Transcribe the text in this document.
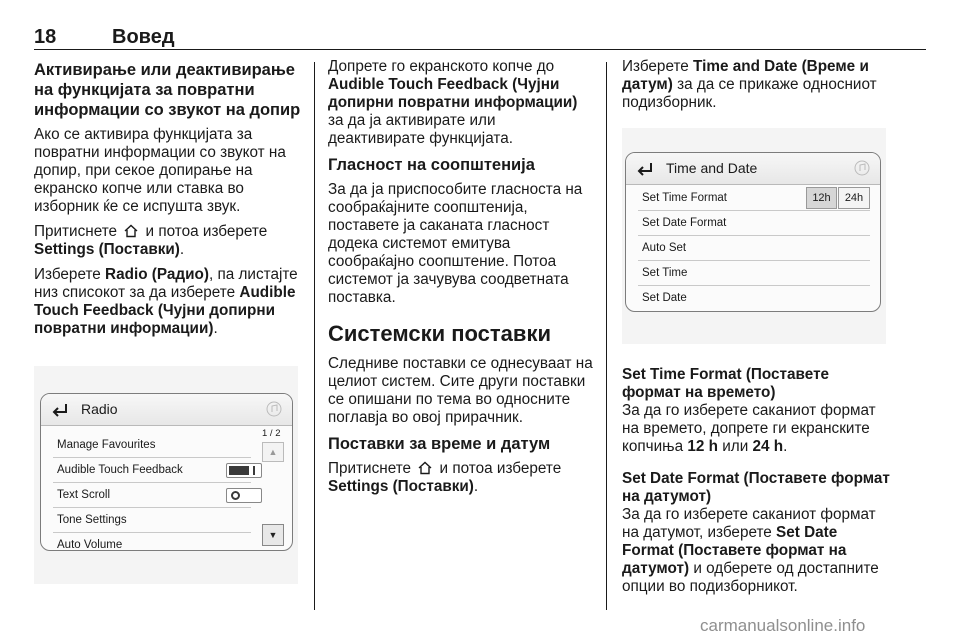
18	Вовед
Активирање или деактивирање на функцијата за повратни информации со звукот на допир

Ако се активира функцијата за повратни информации со звукот на допир, при секое допирање на екранско копче или ставка во изборник ќе се испушта звук.

Притиснете и потоа изберете Settings (Поставки).

Изберете Radio (Радио), па листајте низ списокот за да изберете Audible Touch Feedback (Чујни допирни повратни информации).

Radio
Manage Favourites
Audible Touch Feedback
Text Scroll
Tone Settings
Auto Volume
1 / 2
▲
▼

Допрете го екранското копче до Audible Touch Feedback (Чујни допирни повратни информации) за да ја активирате или деактивирате функцијата.

Гласност на соопштенија

За да ја приспособите гласноста на сообраќајните соопштенија, поставете ја саканата гласност додека системот емитува сообраќајно соопштение. Потоа системот ја зачувува соодветната поставка.

Системски поставки

Следниве поставки се однесуваат на целиот систем. Сите други поставки се опишани по тема во односните поглавја во овој прирачник.

Поставки за време и датум

Притиснете и потоа изберете Settings (Поставки).

Изберете Time and Date (Време и датум) за да се прикаже односниот подизборник.

Time and Date
Set Time Format	12h	24h
Set Date Format
Auto Set
Set Time
Set Date
Set Time Format (Поставете формат на времето)

За да го изберете саканиот формат на времето, допрете ги екранските копчиња 12 h или 24 h.

Set Date Format (Поставете формат на датумот)

За да го изберете саканиот формат на датумот, изберете Set Date Format (Поставете формат на датумот) и одберете од достапните опции во подизборникот.

carmanualsonline.info
